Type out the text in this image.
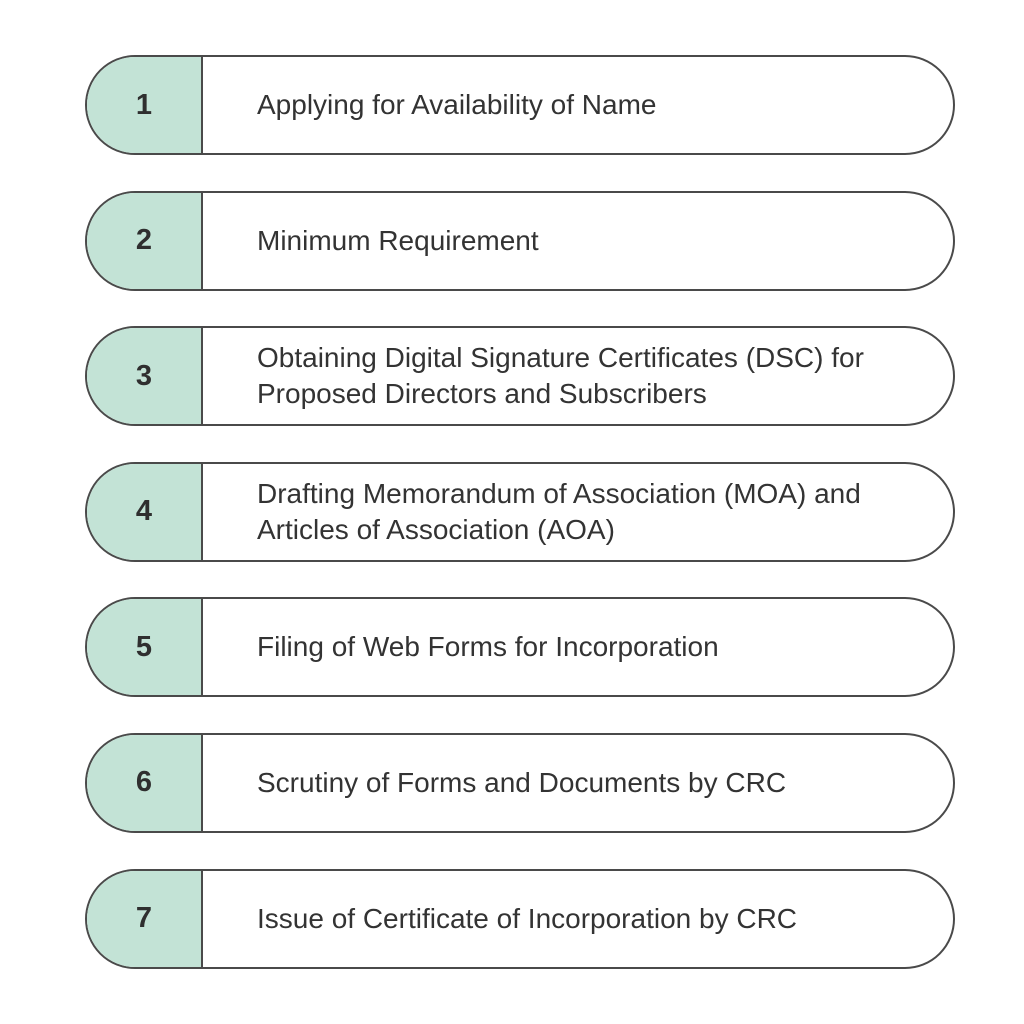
1	Applying for Availability of Name
2	Minimum Requirement
3
Obtaining Digital Signature Certificates (DSC) for Proposed Directors and Subscribers
4
Drafting Memorandum of Association (MOA) and Articles of Association (AOA)
5	Filing of Web Forms for Incorporation
6	Scrutiny of Forms and Documents by CRC
7	Issue of Certificate of Incorporation by CRC
